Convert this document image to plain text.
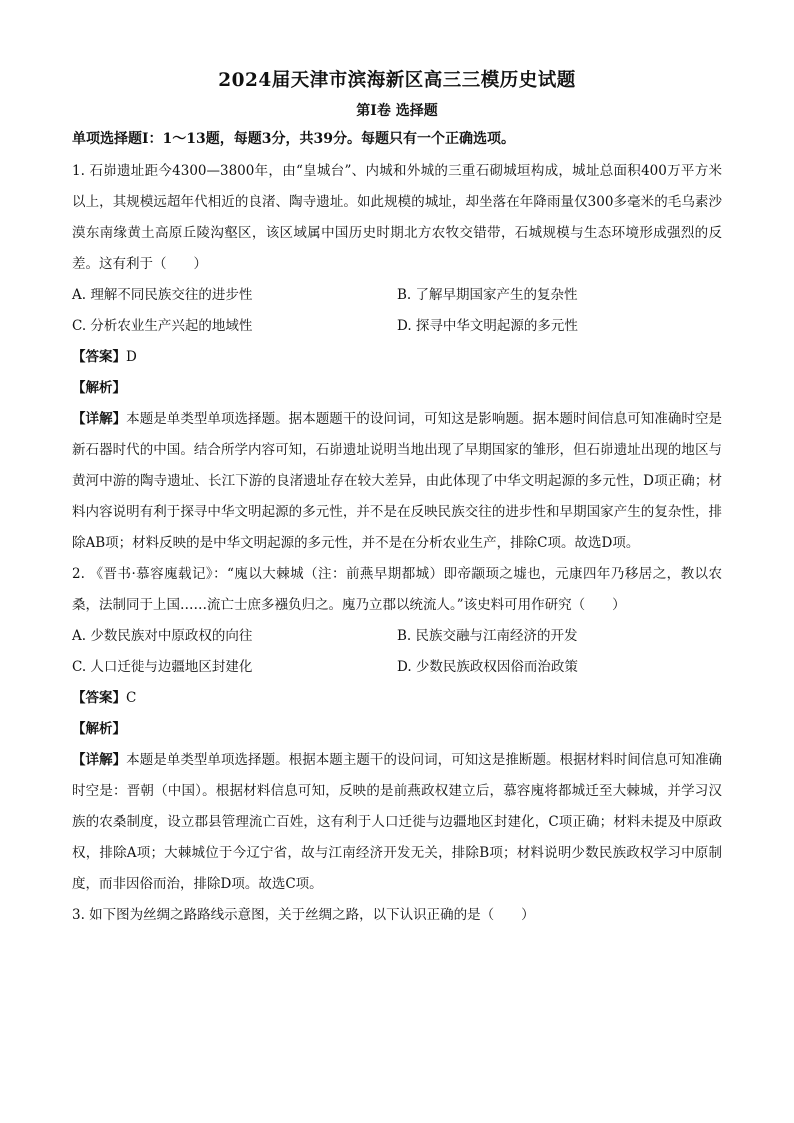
2024届天津市滨海新区高三三模历史试题
第Ⅰ卷 选择题
单项选择题Ⅰ：1～13题，每题3分，共39分。每题只有一个正确选项。

1. 石峁遗址距今4300—3800年，由“皇城台”、内城和外城的三重石砌城垣构成，城址总面积400万平方米以上，其规模远超年代相近的良渚、陶寺遗址。如此规模的城址，却坐落在年降雨量仅300多毫米的毛乌素沙漠东南缘黄土高原丘陵沟壑区，该区域属中国历史时期北方农牧交错带，石城规模与生态环境形成强烈的反差。这有利于（　　）

A. 理解不同民族交往的进步性	B. 了解早期国家产生的复杂性
C. 分析农业生产兴起的地域性	D. 探寻中华文明起源的多元性

【答案】D

【解析】

【详解】本题是单类型单项选择题。据本题题干的设问词，可知这是影响题。据本题时间信息可知准确时空是新石器时代的中国。结合所学内容可知，石峁遗址说明当地出现了早期国家的雏形，但石峁遗址出现的地区与黄河中游的陶寺遗址、长江下游的良渚遗址存在较大差异，由此体现了中华文明起源的多元性，D项正确；材料内容说明有利于探寻中华文明起源的多元性，并不是在反映民族交往的进步性和早期国家产生的复杂性，排除AB项；材料反映的是中华文明起源的多元性，并不是在分析农业生产，排除C项。故选D项。

2. 《晋书·慕容廆载记》：“廆以大棘城（注：前燕早期都城）即帝颛顼之墟也，元康四年乃移居之，教以农桑，法制同于上国……流亡士庶多襁负归之。廆乃立郡以统流人。”该史料可用作研究（　　）

A. 少数民族对中原政权的向往	B. 民族交融与江南经济的开发
C. 人口迁徙与边疆地区封建化	D. 少数民族政权因俗而治政策

【答案】C

【解析】

【详解】本题是单类型单项选择题。根据本题主题干的设问词，可知这是推断题。根据材料时间信息可知准确时空是：晋朝（中国）。根据材料信息可知，反映的是前燕政权建立后，慕容廆将都城迁至大棘城，并学习汉族的农桑制度，设立郡县管理流亡百姓，这有利于人口迁徙与边疆地区封建化，C项正确；材料未提及中原政权，排除A项；大棘城位于今辽宁省，故与江南经济开发无关，排除B项；材料说明少数民族政权学习中原制度，而非因俗而治，排除D项。故选C项。

3. 如下图为丝绸之路路线示意图，关于丝绸之路，以下认识正确的是（　　）
